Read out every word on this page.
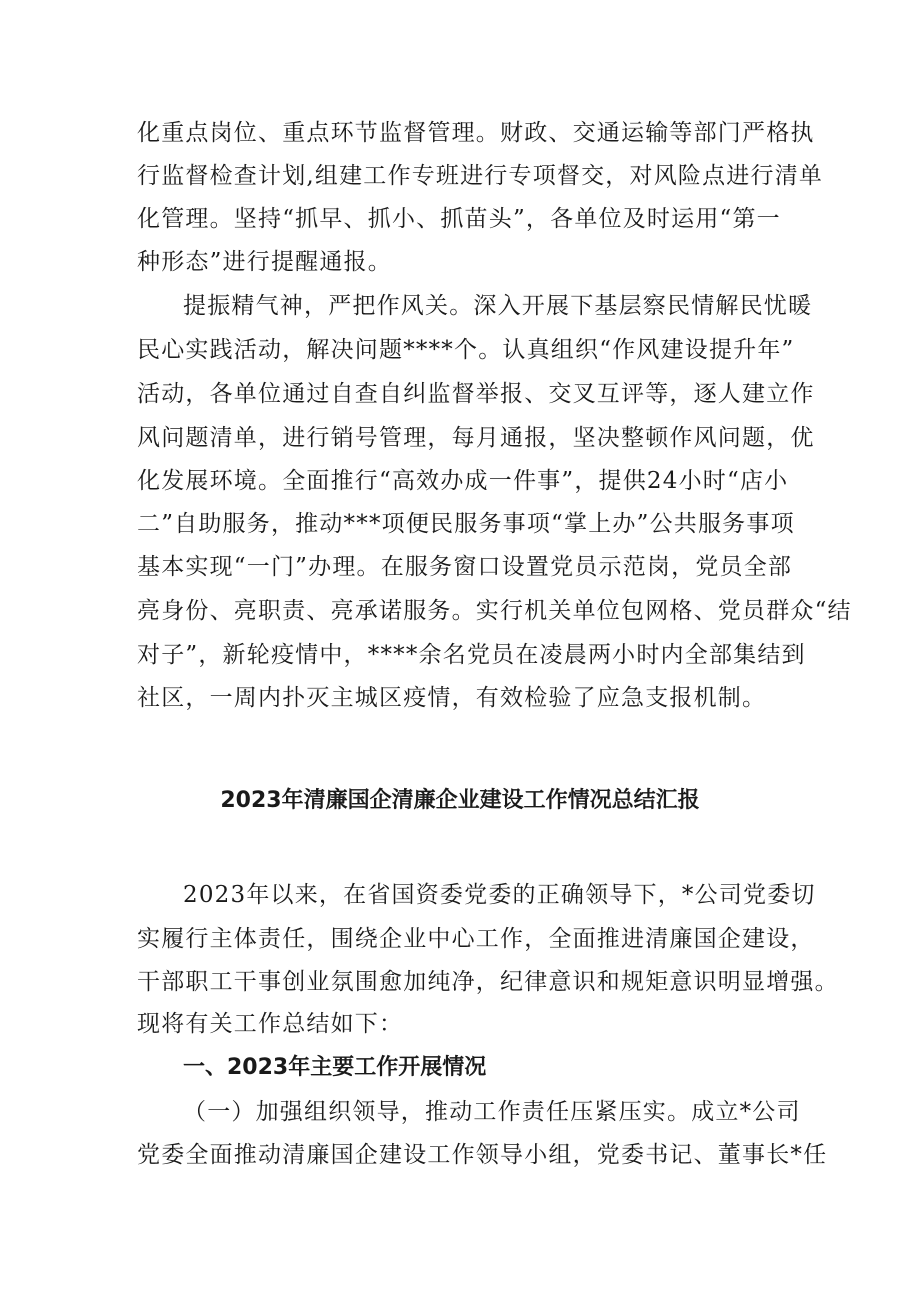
化重点岗位、重点环节监督管理。财政、交通运输等部门严格执
行监督检查计划,组建工作专班进行专项督交，对风险点进行清单
化管理。坚持“抓早、抓小、抓苗头”，各单位及时运用“第一
种形态”进行提醒通报。
提振精气神，严把作风关。深入开展下基层察民情解民忧暖
民心实践活动，解决问题****个。认真组织“作风建设提升年”
活动，各单位通过自查自纠监督举报、交叉互评等，逐人建立作
风问题清单，进行销号管理，每月通报，坚决整顿作风问题，优
化发展环境。全面推行“高效办成一件事”，提供24小时“店小
二”自助服务，推动***项便民服务事项“掌上办”公共服务事项
基本实现“一门”办理。在服务窗口设置党员示范岗，党员全部
亮身份、亮职责、亮承诺服务。实行机关单位包网格、党员群众“结
对子”，新轮疫情中，****余名党员在凌晨两小时内全部集结到
社区，一周内扑灭主城区疫情，有效检验了应急支报机制。
2023年清廉国企清廉企业建设工作情况总结汇报
2023年以来，在省国资委党委的正确领导下，*公司党委切
实履行主体责任，围绕企业中心工作，全面推进清廉国企建设，
干部职工干事创业氛围愈加纯净，纪律意识和规矩意识明显增强。
现将有关工作总结如下：
一、2023年主要工作开展情况
（一）加强组织领导，推动工作责任压紧压实。成立*公司
党委全面推动清廉国企建设工作领导小组，党委书记、董事长*任
